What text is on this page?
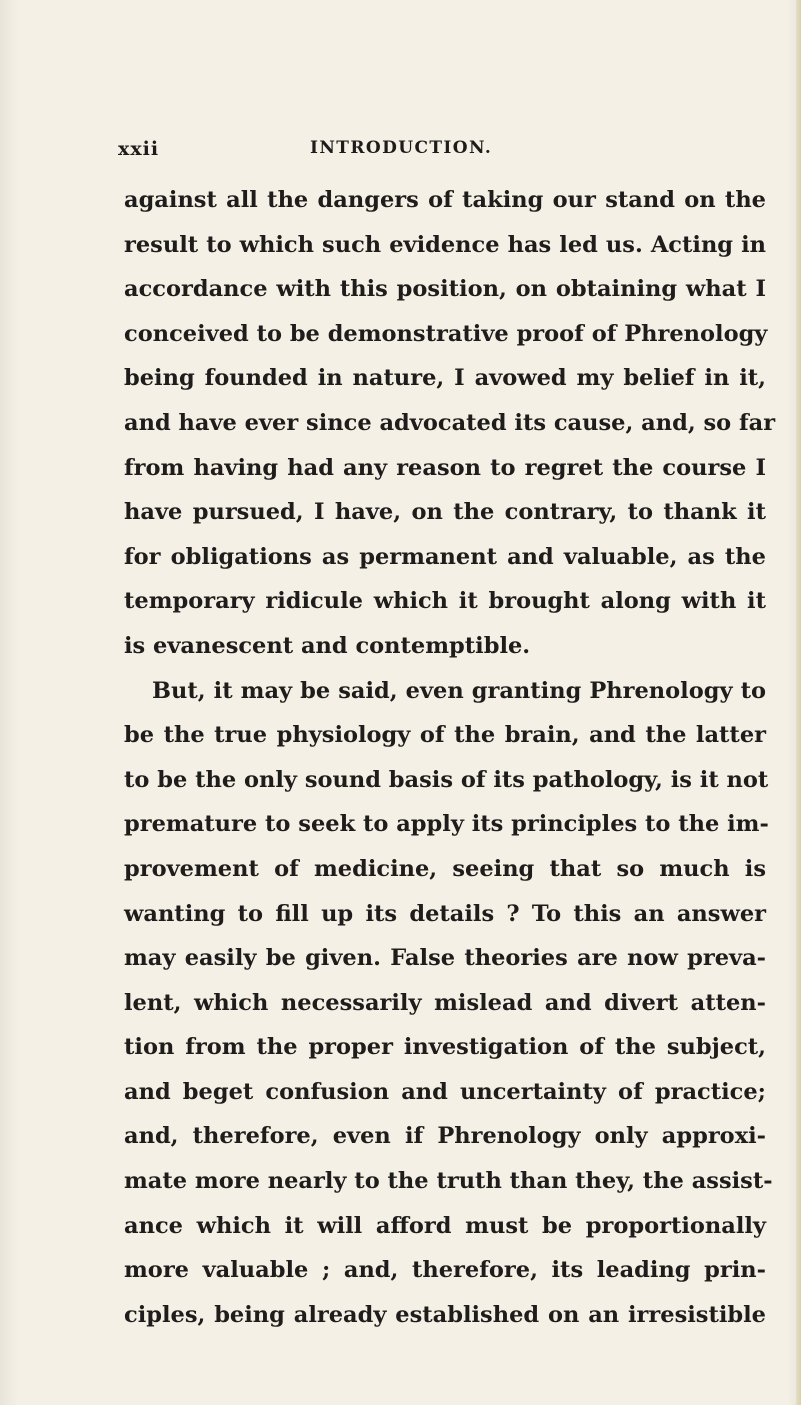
xxii	INTRODUCTION.
against all the dangers of taking our stand on the
result to which such evidence has led us. Acting in
accordance with this position, on obtaining what I
conceived to be demonstrative proof of Phrenology
being founded in nature, I avowed my belief in it,
and have ever since advocated its cause, and, so far
from having had any reason to regret the course I
have pursued, I have, on the contrary, to thank it
for obligations as permanent and valuable, as the
temporary ridicule which it brought along with it
is evanescent and contemptible.
But, it may be said, even granting Phrenology to
be the true physiology of the brain, and the latter
to be the only sound basis of its pathology, is it not
premature to seek to apply its principles to the im-
provement of medicine, seeing that so much is
wanting to fill up its details ? To this an answer
may easily be given. False theories are now preva-
lent, which necessarily mislead and divert atten-
tion from the proper investigation of the subject,
and beget confusion and uncertainty of practice;
and, therefore, even if Phrenology only approxi-
mate more nearly to the truth than they, the assist-
ance which it will afford must be proportionally
more valuable ; and, therefore, its leading prin-
ciples, being already established on an irresistible
